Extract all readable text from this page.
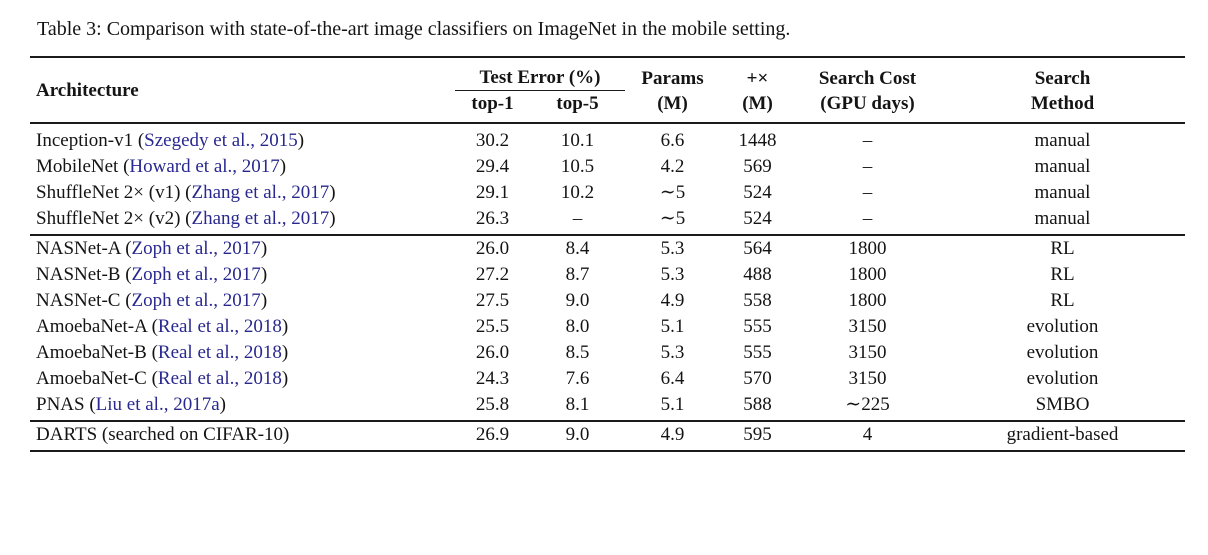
Table 3: Comparison with state-of-the-art image classifiers on ImageNet in the mobile setting.
Architecture	Test Error (%)		Params	+×	Search Cost	Search
	top-1	top-5	(M)	(M)	(GPU days)	Method
Inception-v1 (Szegedy et al., 2015)	30.2	10.1	6.6	1448	–	manual
MobileNet (Howard et al., 2017)	29.4	10.5	4.2	569	–	manual
ShuffleNet 2× (v1) (Zhang et al., 2017)	29.1	10.2	∼5	524	–	manual
ShuffleNet 2× (v2) (Zhang et al., 2017)	26.3	–	∼5	524	–	manual
NASNet-A (Zoph et al., 2017)	26.0	8.4	5.3	564	1800	RL
NASNet-B (Zoph et al., 2017)	27.2	8.7	5.3	488	1800	RL
NASNet-C (Zoph et al., 2017)	27.5	9.0	4.9	558	1800	RL
AmoebaNet-A (Real et al., 2018)	25.5	8.0	5.1	555	3150	evolution
AmoebaNet-B (Real et al., 2018)	26.0	8.5	5.3	555	3150	evolution
AmoebaNet-C (Real et al., 2018)	24.3	7.6	6.4	570	3150	evolution
PNAS (Liu et al., 2017a)	25.8	8.1	5.1	588	∼225	SMBO
DARTS (searched on CIFAR-10)	26.9	9.0	4.9	595	4	gradient-based
